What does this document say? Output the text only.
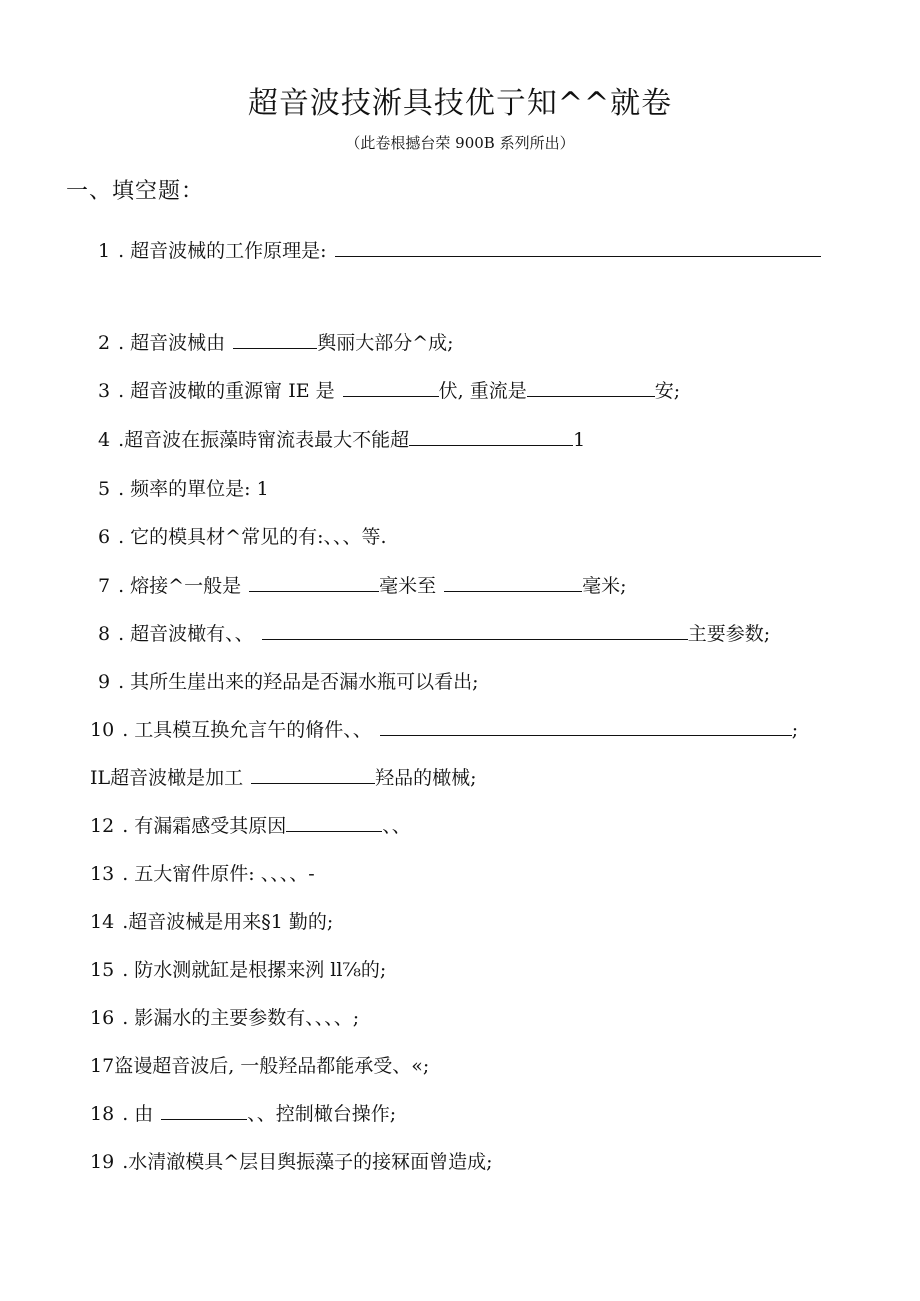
超音波技淅具技优亍知^^就卷
（此卷根撼台荣 900B 系列所出）
一、填空题：
1 . 超音波械的工作原理是:
2 . 超音波械由	舆丽大部分^成;
3 . 超音波橄的重源甯 IE 是	伏, 重流是	安;
4 .超音波在振藻時甯流表最大不能超	1
5 . 频率的單位是: 1
6 . 它的模具材^常见的有:、、、等.
7 . 熔接^一般是	毫米至	毫米;
8 . 超音波橄有、、	主要参数;
9 . 其所生崖出来的羟品是否漏水瓶可以看出;
10 . 工具模互换允言午的脩件、、	;
IL超音波橄是加工	羟品的橄械;
12 . 有漏霜感受其原因	、、
13 . 五大甯件原件: 、、、、-
14 .超音波械是用来§1 勤的;
15 . 防水测就缸是根摞来洌 ll⅞的;
16 . 影漏水的主要参数有、、、、;
17盗谩超音波后, 一般羟品都能承受、«;
18 . 由	、、控制橄台操作;
19 .水清澈模具^层目舆振藻子的接冧面曾造成;
